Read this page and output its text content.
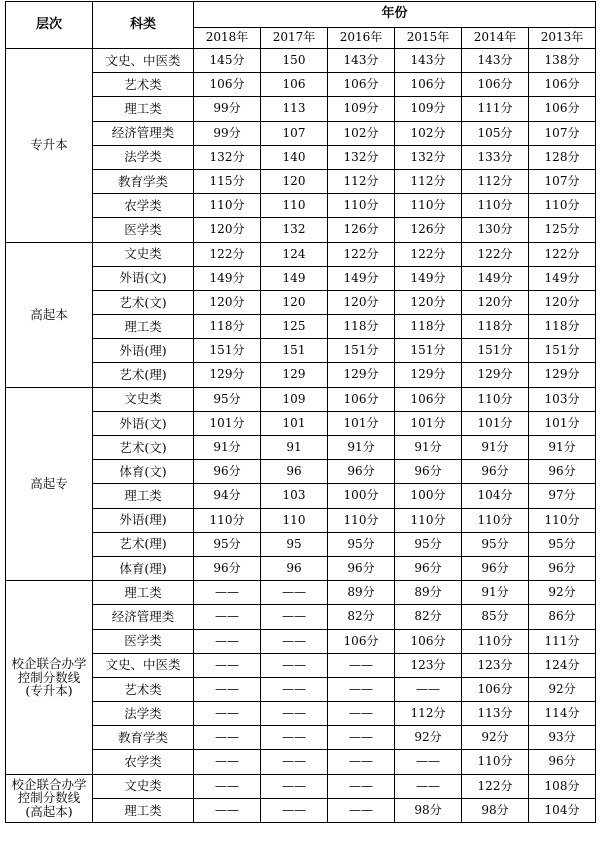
层次	科类	年份					
		2018年	2017年	2016年	2015年	2014年	2013年
专升本	文史、中医类	145分	150	143分	143分	143分	138分
	艺术类	106分	106	106分	106分	106分	106分
	理工类	99分	113	109分	109分	111分	106分
	经济管理类	99分	107	102分	102分	105分	107分
	法学类	132分	140	132分	132分	133分	128分
	教育学类	115分	120	112分	112分	112分	107分
	农学类	110分	110	110分	110分	110分	110分
	医学类	120分	132	126分	126分	130分	125分
高起本	文史类	122分	124	122分	122分	122分	122分
	外语(文)	149分	149	149分	149分	149分	149分
	艺术(文)	120分	120	120分	120分	120分	120分
	理工类	118分	125	118分	118分	118分	118分
	外语(理)	151分	151	151分	151分	151分	151分
	艺术(理)	129分	129	129分	129分	129分	129分
高起专	文史类	95分	109	106分	106分	110分	103分
	外语(文)	101分	101	101分	101分	101分	101分
	艺术(文)	91分	91	91分	91分	91分	91分
	体育(文)	96分	96	96分	96分	96分	96分
	理工类	94分	103	100分	100分	104分	97分
	外语(理)	110分	110	110分	110分	110分	110分
	艺术(理)	95分	95	95分	95分	95分	95分
	体育(理)	96分	96	96分	96分	96分	96分

校企联合办学
控制分数线
(专升本)	理工类	——	——	89分	89分	91分	92分
	经济管理类	——	——	82分	82分	85分	86分
	医学类	——	——	106分	106分	110分	111分
	文史、中医类	——	——	——	123分	123分	124分
	艺术类	——	——	——	——	106分	92分
	法学类	——	——	——	112分	113分	114分
	教育学类	——	——	——	92分	92分	93分
	农学类	——	——	——	——	110分	96分

校企联合办学
控制分数线
(高起本)	文史类	——	——	——	——	122分	108分
	理工类	——	——	——	98分	98分	104分
